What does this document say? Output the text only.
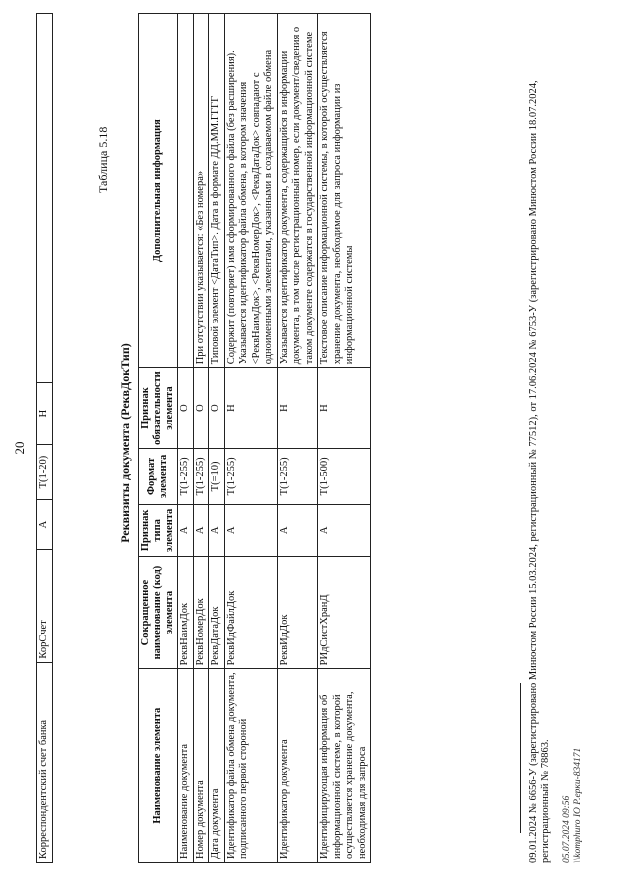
20
Корреспондентский счет банка	КорСчет	А	T(1-20)	Н	
Таблица 5.18
Реквизиты документа (РеквДокТип)
Наименование элемента	Сокращенное наименование (код) элемента	Признак типа элемента	Формат элемента	Признак обязательности элемента	Дополнительная информация
Наименование документа	РеквНаимДок	А	T(1-255)	О	
Номер документа	РеквНомерДок	А	T(1-255)	О	При отсутствии указывается: «Без номера»
Дата документа	РеквДатаДок	А	T(=10)	О	Типовой элемент <ДатаТип>. Дата в формате ДД.ММ.ГГГГ
Идентификатор файла обмена документа, подписанного первой стороной	РеквИдФайлДок	А	T(1-255)	Н	Содержит (повторяет) имя сформированного файла (без расширения). Указывается идентификатор файла обмена, в котором значения <РеквНаимДок>, <РеквНомерДок>, <РеквДатаДок> совпадают с одноименными элементами, указанными в создаваемом файле обмена
Идентификатор документа	РеквИдДок	А	T(1-255)	Н	Указывается идентификатор документа, содержащийся в информации документа, в том числе регистрационный номер, если документ/сведения о таком документе содержатся в государственной информационной системе
Идентифицирующая информация об информационной системе, в которой осуществляется хранение документа, необходимая для запроса	РИдСистХранД	А	T(1-500)	Н	Текстовое описание информационной системы, в которой осуществляется хранение документа, необходимое для запроса информации из информационной системы	09.01.2024 № 6656-У (зарегистрировано Минюстом России 15.03.2024, регистрационный № 77512), от 17.06.2024 № 6753-У (зарегистрировано Минюстом России 18.07.2024, регистрационный № 78863. 05.07.2024 09:56 \\komphuro IO Р.ерки-834171
